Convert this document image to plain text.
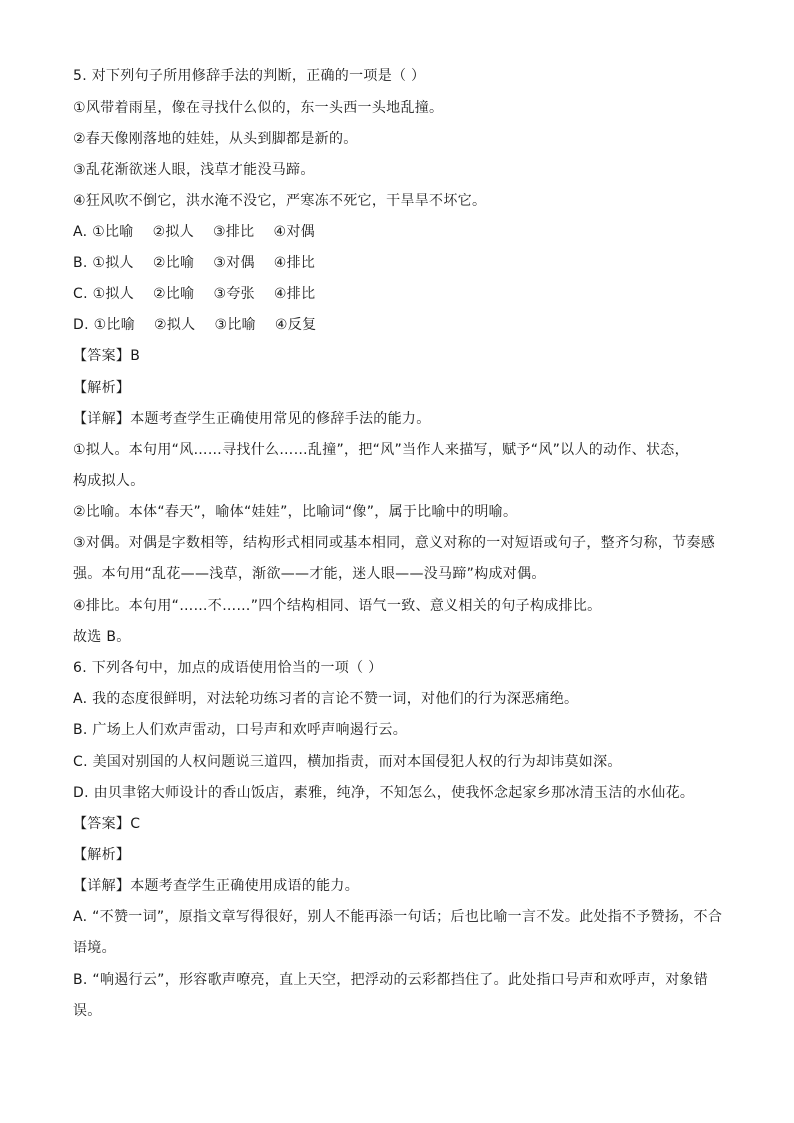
5. 对下列句子所用修辞手法的判断，正确的一项是（ ）
①风带着雨星，像在寻找什么似的，东一头西一头地乱撞。
②春天像刚落地的娃娃，从头到脚都是新的。
③乱花渐欲迷人眼，浅草才能没马蹄。
④狂风吹不倒它，洪水淹不没它，严寒冻不死它，干旱旱不坏它。
A. ①比喻    ②拟人    ③排比    ④对偶
B. ①拟人    ②比喻    ③对偶    ④排比
C. ①拟人    ②比喻    ③夸张    ④排比
D. ①比喻    ②拟人    ③比喻    ④反复
【答案】B
【解析】
【详解】本题考查学生正确使用常见的修辞手法的能力。
①拟人。本句用“风……寻找什么……乱撞”，把“风”当作人来描写，赋予“风”以人的动作、状态，
构成拟人。
②比喻。本体“春天”，喻体“娃娃”，比喻词“像”，属于比喻中的明喻。
③对偶。对偶是字数相等，结构形式相同或基本相同，意义对称的一对短语或句子，整齐匀称，节奏感
强。本句用“乱花——浅草，渐欲——才能，迷人眼——没马蹄”构成对偶。
④排比。本句用“……不……”四个结构相同、语气一致、意义相关的句子构成排比。
故选 B。
6. 下列各句中，加点的成语使用恰当的一项（ ）
A. 我的态度很鲜明，对法轮功练习者的言论不赞一词，对他们的行为深恶痛绝。
B. 广场上人们欢声雷动，口号声和欢呼声响遏行云。
C. 美国对别国的人权问题说三道四，横加指责，而对本国侵犯人权的行为却讳莫如深。
D. 由贝聿铭大师设计的香山饭店，素雅，纯净，不知怎么，使我怀念起家乡那冰清玉洁的水仙花。
【答案】C
【解析】
【详解】本题考查学生正确使用成语的能力。
A. “不赞一词”，原指文章写得很好，别人不能再添一句话；后也比喻一言不发。此处指不予赞扬，不合
语境。
B. “响遏行云”，形容歌声嘹亮，直上天空，把浮动的云彩都挡住了。此处指口号声和欢呼声，对象错
误。
